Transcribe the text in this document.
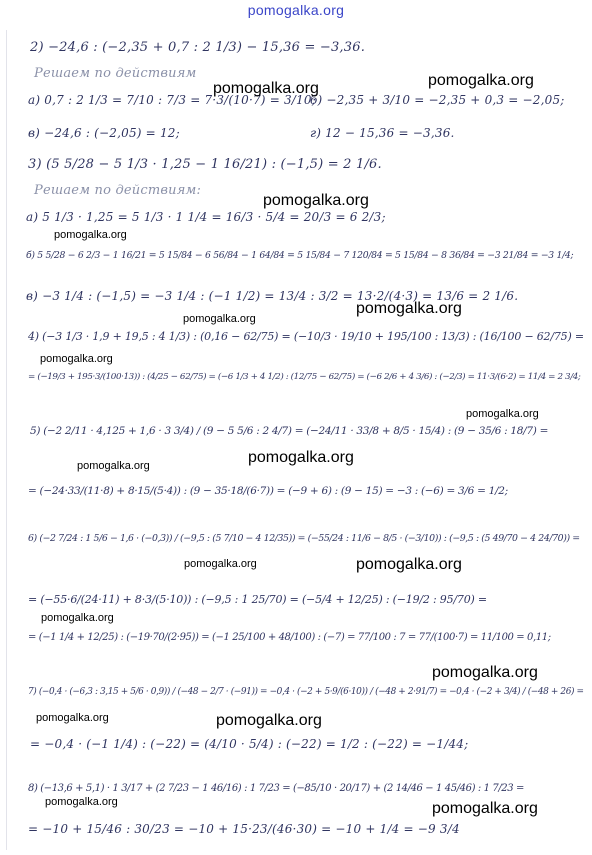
pomogalka.org
2) −24,6 : (−2,35 + 0,7 : 2 1/3) − 15,36 = −3,36.
Решаем по действиям
а) 0,7 : 2 1/3 = 7/10 : 7/3 = 7·3/(10·7) = 3/10;
б) −2,35 + 3/10 = −2,35 + 0,3 = −2,05;
в) −24,6 : (−2,05) = 12;	г) 12 − 15,36 = −3,36.
3) (5 5/28 − 5 1/3 · 1,25 − 1 16/21) : (−1,5) = 2 1/6.
Решаем по действиям:
а) 5 1/3 · 1,25 = 5 1/3 · 1 1/4 = 16/3 · 5/4 = 20/3 = 6 2/3;
б) 5 5/28 − 6 2/3 − 1 16/21 = 5 15/84 − 6 56/84 − 1 64/84 = 5 15/84 − 7 120/84 = 5 15/84 − 8 36/84 = −3 21/84 = −3 1/4;
в) −3 1/4 : (−1,5) = −3 1/4 : (−1 1/2) = 13/4 : 3/2 = 13·2/(4·3) = 13/6 = 2 1/6.
4) (−3 1/3 · 1,9 + 19,5 : 4 1/3) : (0,16 − 62/75) = (−10/3 · 19/10 + 195/100 : 13/3) : (16/100 − 62/75) =
= (−19/3 + 195·3/(100·13)) : (4/25 − 62/75) = (−6 1/3 + 4 1/2) : (12/75 − 62/75) = (−6 2/6 + 4 3/6) : (−2/3) = 11·3/(6·2) = 11/4 = 2 3/4;
5) (−2 2/11 · 4,125 + 1,6 · 3 3/4) / (9 − 5 5/6 : 2 4/7) = (−24/11 · 33/8 + 8/5 · 15/4) : (9 − 35/6 : 18/7) =
= (−24·33/(11·8) + 8·15/(5·4)) : (9 − 35·18/(6·7)) = (−9 + 6) : (9 − 15) = −3 : (−6) = 3/6 = 1/2;
6) (−2 7/24 : 1 5/6 − 1,6 · (−0,3)) / (−9,5 : (5 7/10 − 4 12/35)) = (−55/24 : 11/6 − 8/5 · (−3/10)) : (−9,5 : (5 49/70 − 4 24/70)) =
= (−55·6/(24·11) + 8·3/(5·10)) : (−9,5 : 1 25/70) = (−5/4 + 12/25) : (−19/2 : 95/70) =
= (−1 1/4 + 12/25) : (−19·70/(2·95)) = (−1 25/100 + 48/100) : (−7) = 77/100 : 7 = 77/(100·7) = 11/100 = 0,11;
7) (−0,4 · (−6,3 : 3,15 + 5/6 · 0,9)) / (−48 − 2/7 · (−91)) = −0,4 · (−2 + 5·9/(6·10)) / (−48 + 2·91/7) = −0,4 · (−2 + 3/4) / (−48 + 26) =
= −0,4 · (−1 1/4) : (−22) = (4/10 · 5/4) : (−22) = 1/2 : (−22) = −1/44;
8) (−13,6 + 5,1) · 1 3/17 + (2 7/23 − 1 46/16) : 1 7/23 = (−85/10 · 20/17) + (2 14/46 − 1 45/46) : 1 7/23 =
= −10 + 15/46 : 30/23 = −10 + 15·23/(46·30) = −10 + 1/4 = −9 3/4
pomogalka.org	pomogalka.org
pomogalka.org
pomogalka.org
pomogalka.org
pomogalka.org
pomogalka.org
pomogalka.org
pomogalka.org
pomogalka.org
pomogalka.org	pomogalka.org
pomogalka.org
pomogalka.org
pomogalka.org
pomogalka.org
pomogalka.org	pomogalka.org
